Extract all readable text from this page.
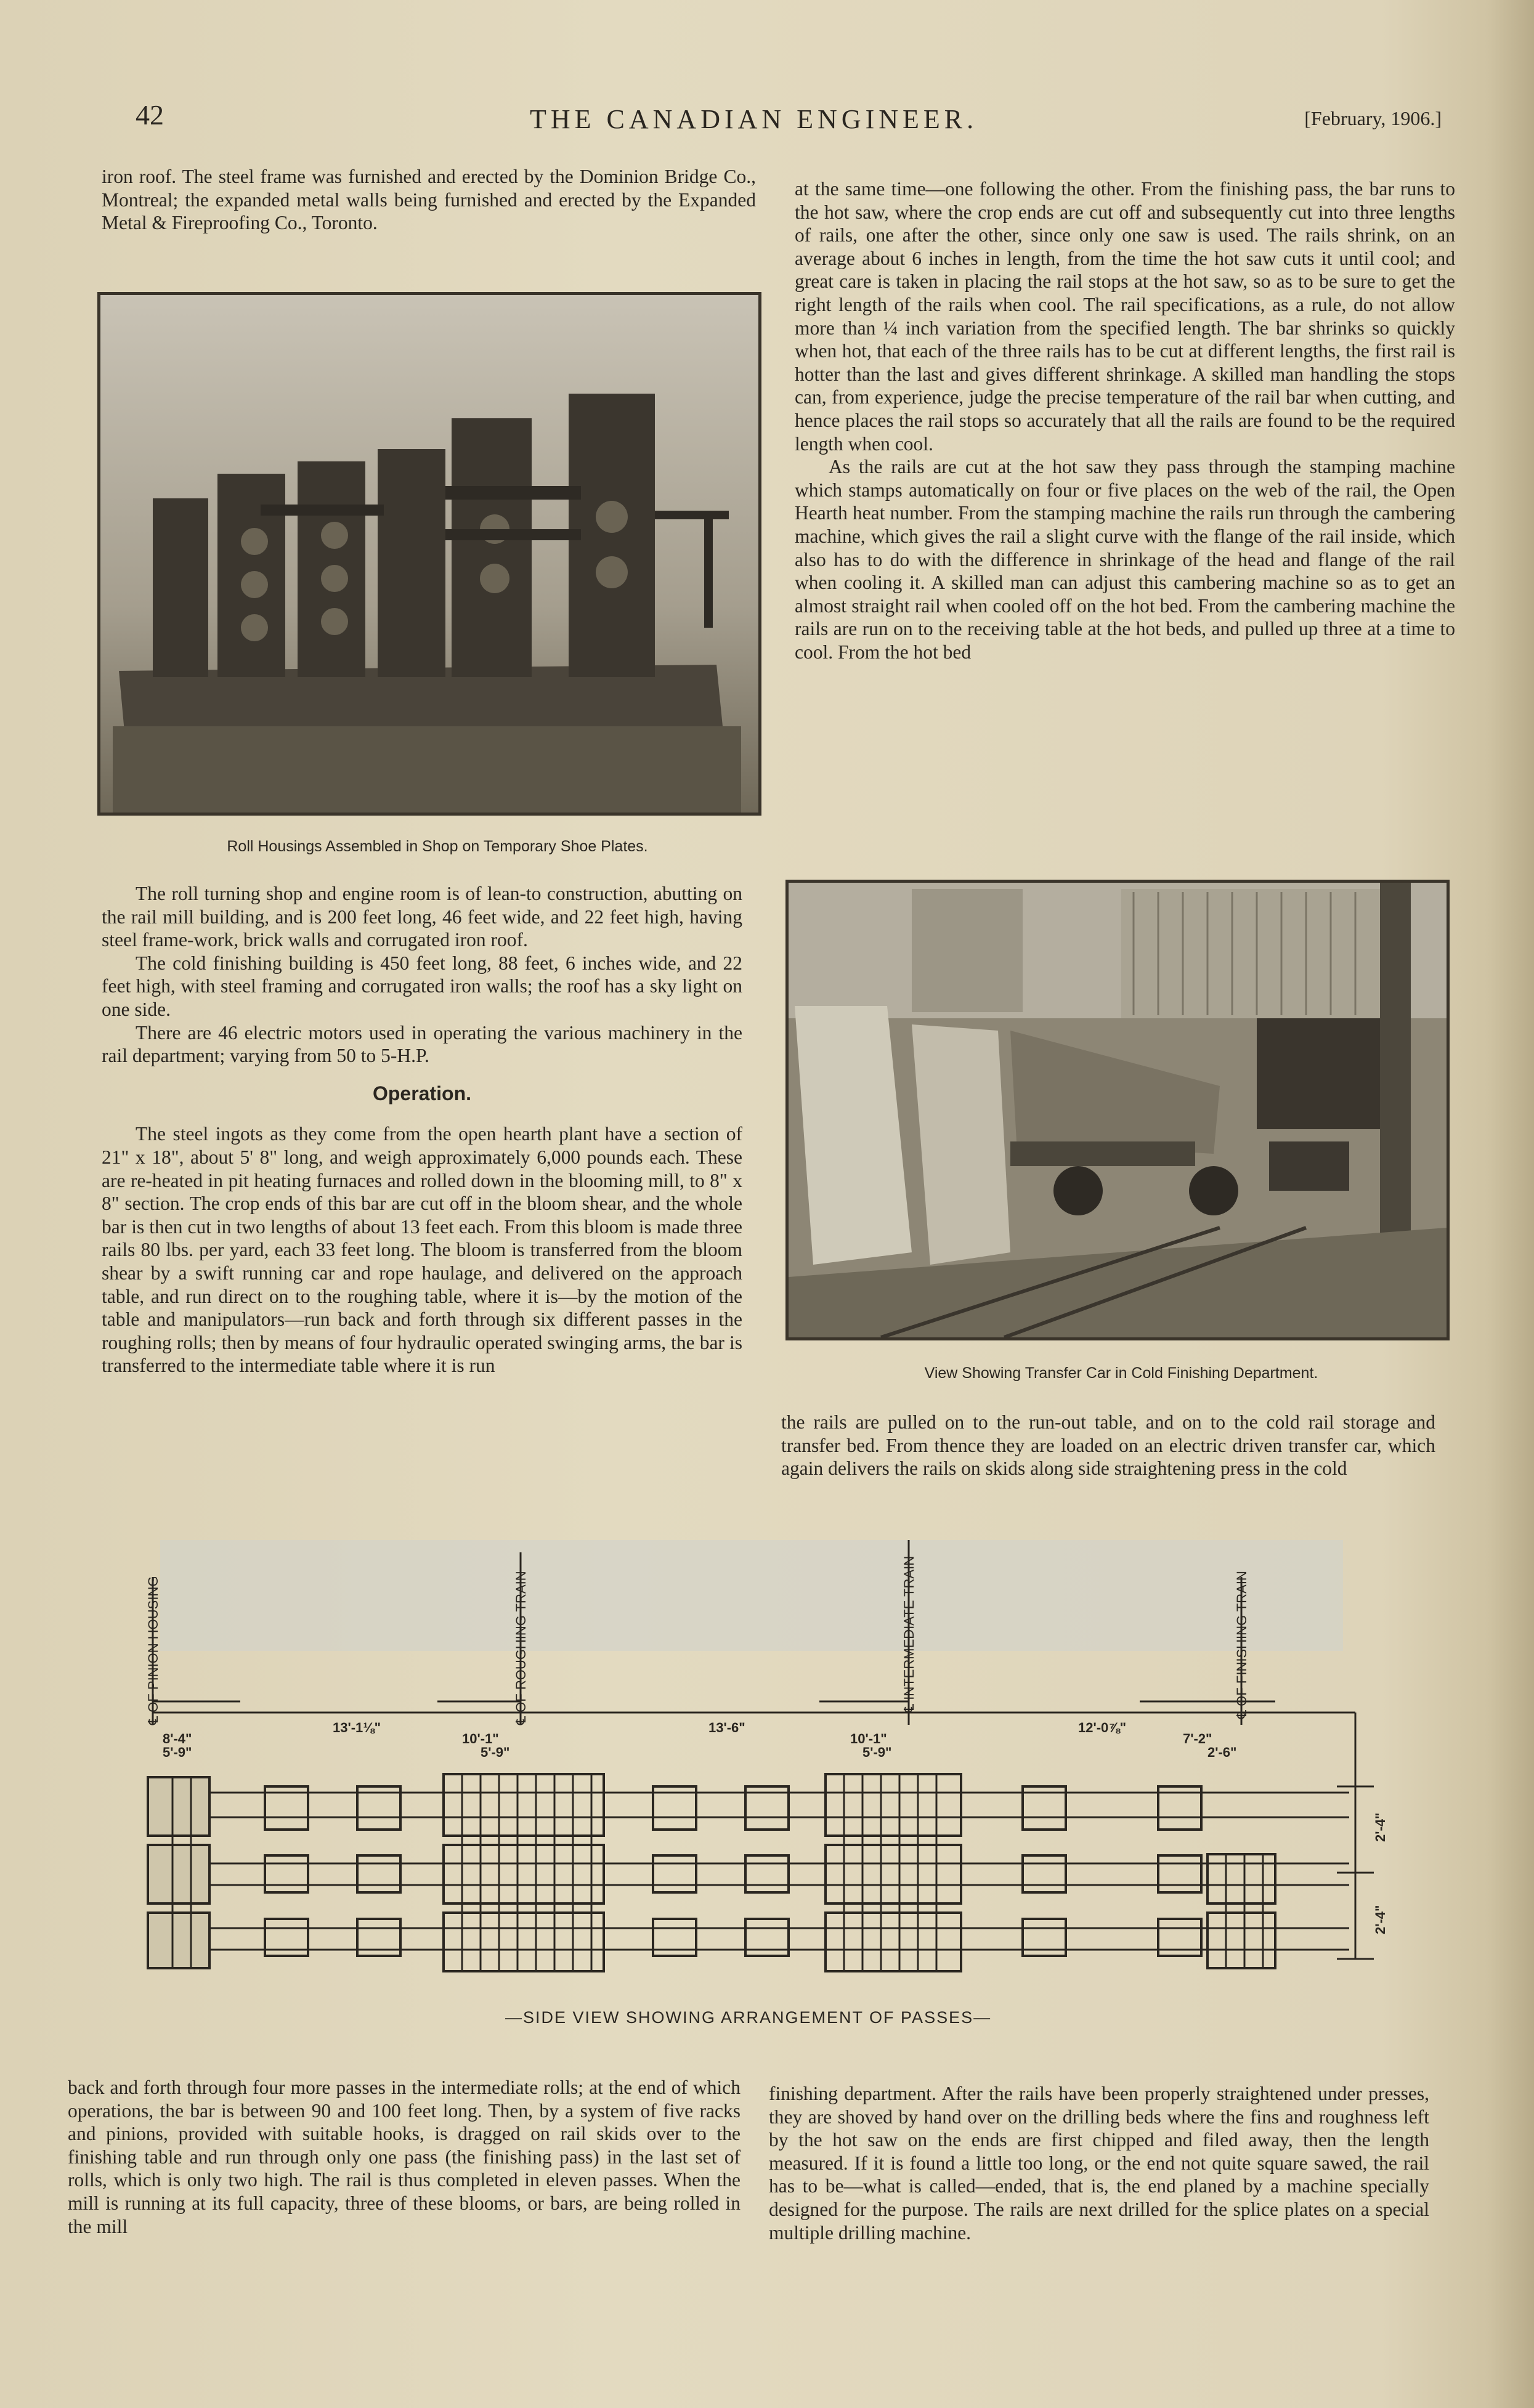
42	THE CANADIAN ENGINEER.	[February, 1906.]

iron roof. The steel frame was furnished and erected by the Dominion Bridge Co., Montreal; the expanded metal walls being furnished and erected by the Expanded Metal & Fireproofing Co., Toronto.

Roll Housings Assembled in Shop on Temporary Shoe Plates.

The roll turning shop and engine room is of lean-to construction, abutting on the rail mill building, and is 200 feet long, 46 feet wide, and 22 feet high, having steel frame-work, brick walls and corrugated iron roof.

The cold finishing building is 450 feet long, 88 feet, 6 inches wide, and 22 feet high, with steel framing and corrugated iron walls; the roof has a sky light on one side.

There are 46 electric motors used in operating the various machinery in the rail department; varying from 50 to 5-H.P.

Operation.

The steel ingots as they come from the open hearth plant have a section of 21" x 18", about 5' 8" long, and weigh approximately 6,000 pounds each. These are re-heated in pit heating furnaces and rolled down in the blooming mill, to 8" x 8" section. The crop ends of this bar are cut off in the bloom shear, and the whole bar is then cut in two lengths of about 13 feet each. From this bloom is made three rails 80 lbs. per yard, each 33 feet long. The bloom is transferred from the bloom shear by a swift running car and rope haulage, and delivered on the approach table, and run direct on to the roughing table, where it is—by the motion of the table and manipulators—run back and forth through six different passes in the roughing rolls; then by means of four hydraulic operated swinging arms, the bar is transferred to the intermediate table where it is run

at the same time—one following the other. From the finishing pass, the bar runs to the hot saw, where the crop ends are cut off and subsequently cut into three lengths of rails, one after the other, since only one saw is used. The rails shrink, on an average about 6 inches in length, from the time the hot saw cuts it until cool; and great care is taken in placing the rail stops at the hot saw, so as to be sure to get the right length of the rails when cool. The rail specifications, as a rule, do not allow more than ¼ inch variation from the specified length. The bar shrinks so quickly when hot, that each of the three rails has to be cut at different lengths, the first rail is hotter than the last and gives different shrinkage. A skilled man handling the stops can, from experience, judge the precise temperature of the rail bar when cutting, and hence places the rail stops so accurately that all the rails are found to be the required length when cool.

As the rails are cut at the hot saw they pass through the stamping machine which stamps automatically on four or five places on the web of the rail, the Open Hearth heat number. From the stamping machine the rails run through the cambering machine, which gives the rail a slight curve with the flange of the rail inside, which also has to do with the difference in shrinkage of the head and flange of the rail when cooling it. A skilled man can adjust this cambering machine so as to get an almost straight rail when cooled off on the hot bed. From the cambering machine the rails are run on to the receiving table at the hot beds, and pulled up three at a time to cool. From the hot bed

View Showing Transfer Car in Cold Finishing Department.

the rails are pulled on to the run-out table, and on to the cold rail storage and transfer bed. From thence they are loaded on an electric driven transfer car, which again delivers the rails on skids along side straightening press in the cold

℄ OF PINION HOUSING	℄ OF ROUGHING TRAIN	℄ INTERMEDIATE TRAIN	℄ OF FINISHING TRAIN
8'-4"
5'-9"
13'-1⅛"
10'-1"
5'-9"
13'-6"
10'-1"
5'-9"
12'-0⅞"
7'-2"
2'-6"
2'-4"
2'-4"
—SIDE VIEW SHOWING ARRANGEMENT OF PASSES—

back and forth through four more passes in the intermediate rolls; at the end of which operations, the bar is between 90 and 100 feet long. Then, by a system of five racks and pinions, provided with suitable hooks, is dragged on rail skids over to the finishing table and run through only one pass (the finishing pass) in the last set of rolls, which is only two high. The rail is thus completed in eleven passes. When the mill is running at its full capacity, three of these blooms, or bars, are being rolled in the mill

finishing department. After the rails have been properly straightened under presses, they are shoved by hand over on the drilling beds where the fins and roughness left by the hot saw on the ends are first chipped and filed away, then the length measured. If it is found a little too long, or the end not quite square sawed, the rail has to be—what is called—ended, that is, the end planed by a machine specially designed for the purpose. The rails are next drilled for the splice plates on a special multiple drilling machine.
